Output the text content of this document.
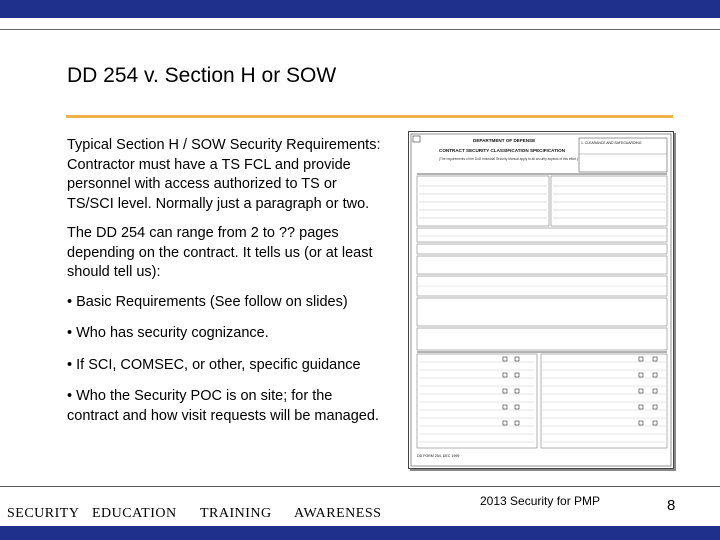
DD 254 v. Section H or SOW

Typical Section H / SOW Security Requirements: Contractor must have a TS FCL and provide personnel with access authorized to TS or TS/SCI level. Normally just a paragraph or two.

The DD 254 can range from 2 to ?? pages depending on the contract. It tells us (or at least should tell us):

• Basic Requirements (See follow on slides)

• Who has security cognizance.

• If SCI, COMSEC, or other, specific guidance

• Who the Security POC is on site; for the contract and how visit requests will be managed.

DEPARTMENT OF DEFENSE
CONTRACT SECURITY CLASSIFICATION SPECIFICATION
(The requirements of the DoD Industrial Security Manual apply to all security aspects of this effort.)
1. CLEARANCE AND SAFEGUARDING
DD FORM 254, DEC 1999
SECURITY EDUCATION TRAINING AWARENESS
2013 Security for PMP	8
